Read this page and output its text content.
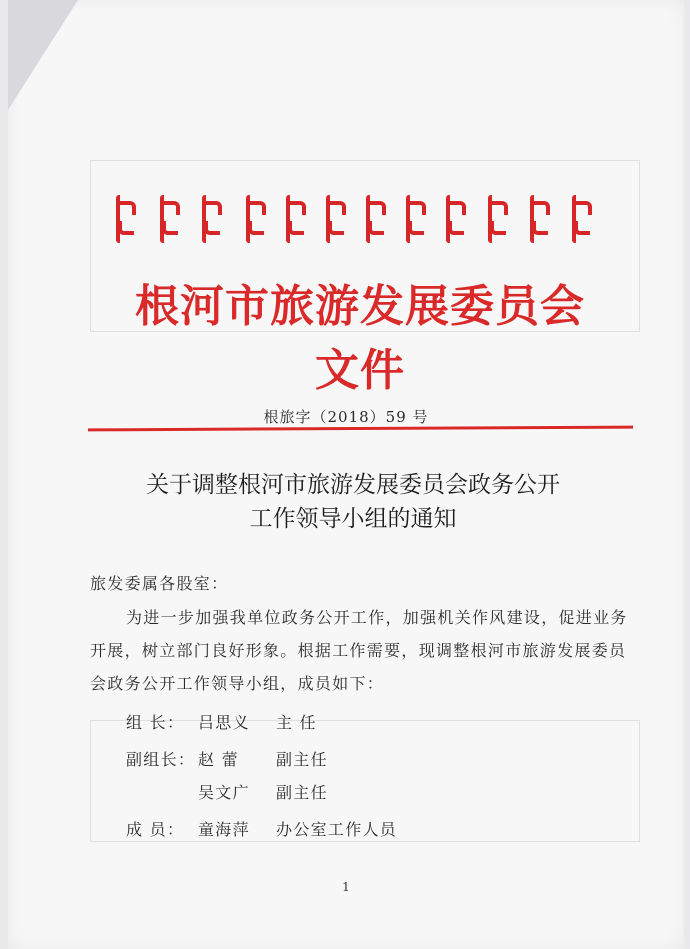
根河市旅游发展委员会文件
根旅字（2018）59 号
关于调整根河市旅游发展委员会政务公开
工作领导小组的通知
旅发委属各股室：
为进一步加强我单位政务公开工作，加强机关作风建设，促进业务开展，树立部门良好形象。根据工作需要，现调整根河市旅游发展委员会政务公开工作领导小组，成员如下：
组 长： 吕思义 主 任
副组长： 赵 蕾 副主任
吴文广 副主任
成 员： 童海萍 办公室工作人员
1
